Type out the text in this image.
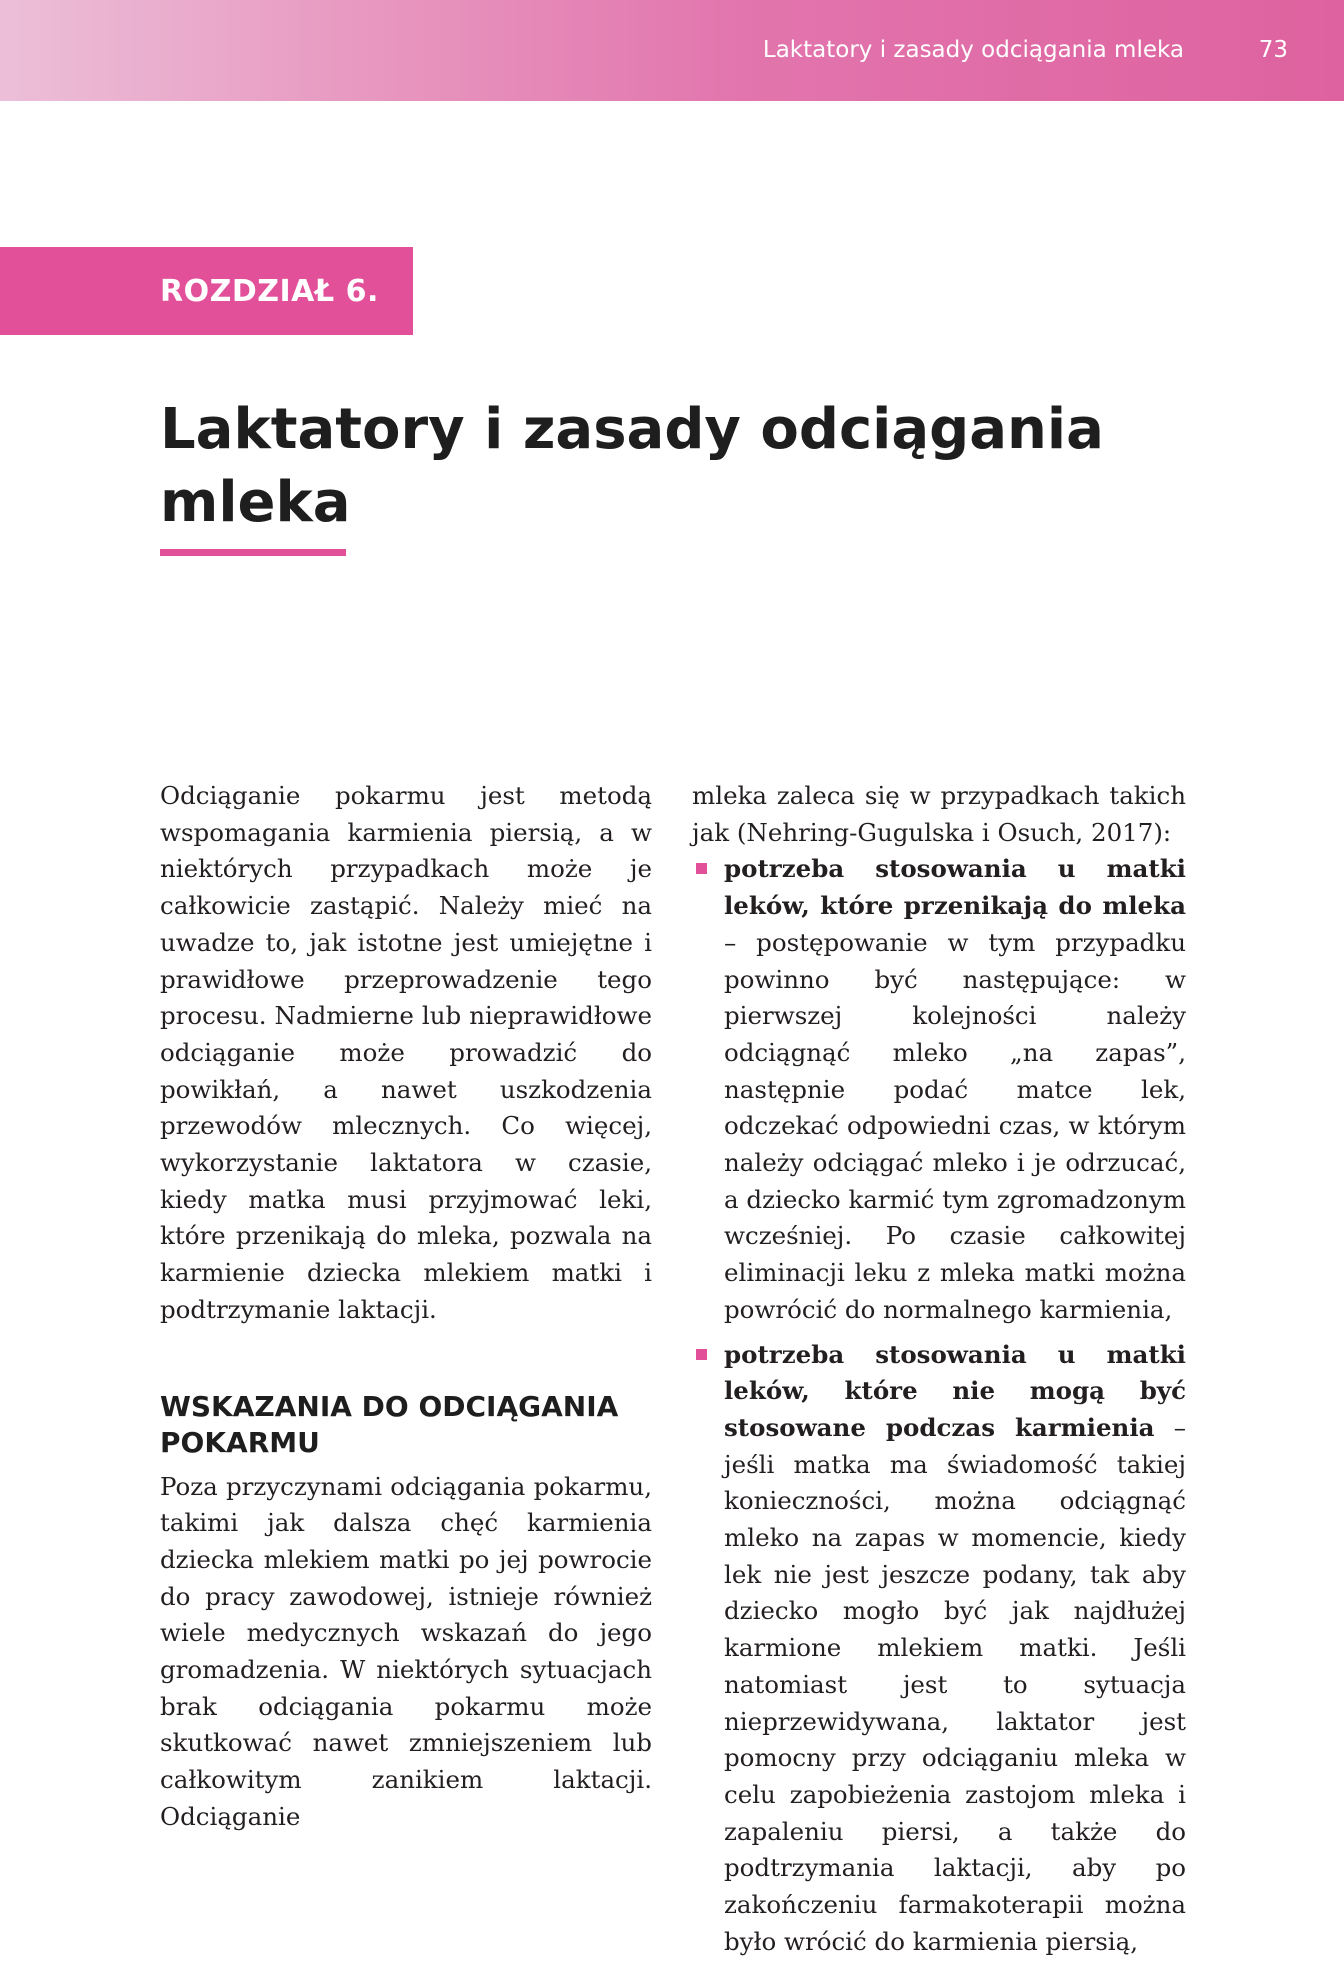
Laktatory i zasady odciągania mleka	73
ROZDZIAŁ 6.
Laktatory i zasady odciągania mleka

Odciąganie pokarmu jest metodą wspomagania karmienia piersią, a w niektórych przypadkach może je całkowicie zastąpić. Należy mieć na uwadze to, jak istotne jest umiejętne i prawidłowe przeprowadzenie tego procesu. Nadmierne lub nieprawidłowe odciąganie może prowadzić do powikłań, a nawet uszkodzenia przewodów mlecznych. Co więcej, wykorzystanie laktatora w czasie, kiedy matka musi przyjmować leki, które przenikają do mleka, pozwala na karmienie dziecka mlekiem matki i podtrzymanie laktacji.

WSKAZANIA DO ODCIĄGANIA POKARMU

Poza przyczynami odciągania pokarmu, takimi jak dalsza chęć karmienia dziecka mlekiem matki po jej powrocie do pracy zawodowej, istnieje również wiele medycznych wskazań do jego gromadzenia. W niektórych sytuacjach brak odciągania pokarmu może skutkować nawet zmniejszeniem lub całkowitym zanikiem laktacji. Odciąganie

mleka zaleca się w przypadkach takich jak (Nehring-Gugulska i Osuch, 2017):

potrzeba stosowania u matki leków, które przenikają do mleka – postępowanie w tym przypadku powinno być następujące: w pierwszej kolejności należy odciągnąć mleko „na zapas”, następnie podać matce lek, odczekać odpowiedni czas, w którym należy odciągać mleko i je odrzucać, a dziecko karmić tym zgromadzonym wcześniej. Po czasie całkowitej eliminacji leku z mleka matki można powrócić do normalnego karmienia,
potrzeba stosowania u matki leków, które nie mogą być stosowane podczas karmienia – jeśli matka ma świadomość takiej konieczności, można odciągnąć mleko na zapas w momencie, kiedy lek nie jest jeszcze podany, tak aby dziecko mogło być jak najdłużej karmione mlekiem matki. Jeśli natomiast jest to sytuacja nieprzewidywana, laktator jest pomocny przy odciąganiu mleka w celu zapobieżenia zastojom mleka i zapaleniu piersi, a także do podtrzymania laktacji, aby po zakończeniu farmakoterapii można było wrócić do karmienia piersią,
